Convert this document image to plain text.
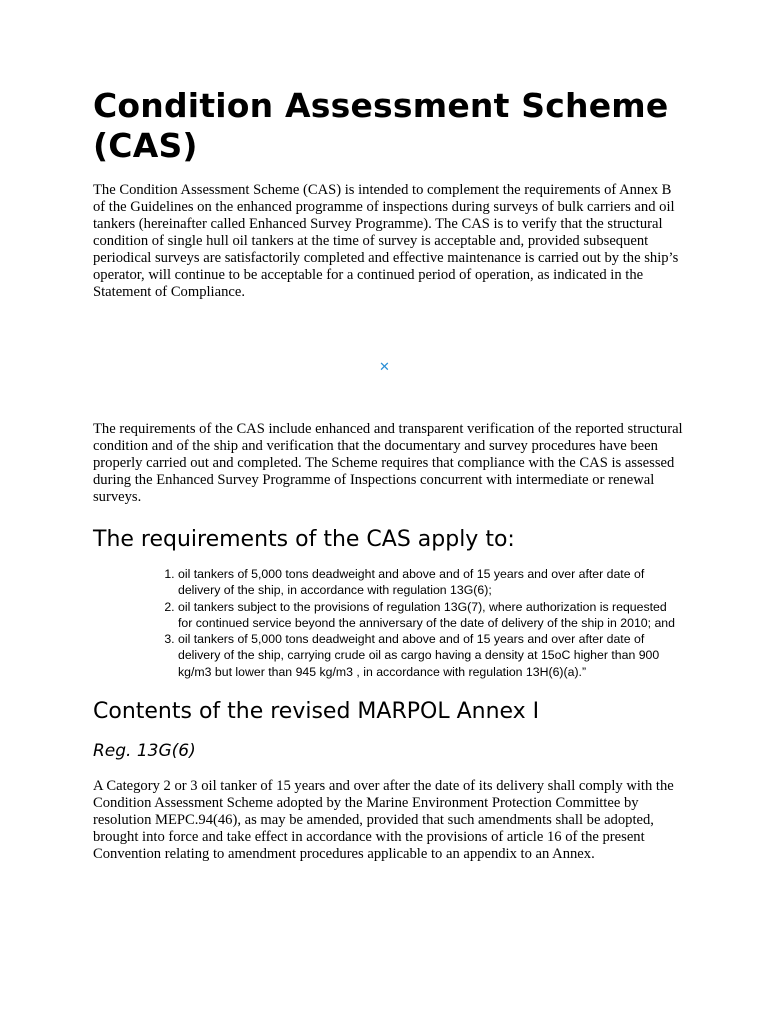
Condition Assessment Scheme (CAS)

The Condition Assessment Scheme (CAS) is intended to complement the requirements of Annex B of the Guidelines on the enhanced programme of inspections during surveys of bulk carriers and oil tankers (hereinafter called Enhanced Survey Programme). The CAS is to verify that the structural condition of single hull oil tankers at the time of survey is acceptable and, provided subsequent periodical surveys are satisfactorily completed and effective maintenance is carried out by the ship’s operator, will continue to be acceptable for a continued period of operation, as indicated in the Statement of Compliance.

✕

The requirements of the CAS include enhanced and transparent verification of the reported structural condition and of the ship and verification that the documentary and survey procedures have been properly carried out and completed. The Scheme requires that compliance with the CAS is assessed during the Enhanced Survey Programme of Inspections concurrent with intermediate or renewal surveys.

The requirements of the CAS apply to:
1. oil tankers of 5,000 tons deadweight and above and of 15 years and over after date of delivery of the ship, in accordance with regulation 13G(6);
2. oil tankers subject to the provisions of regulation 13G(7), where authorization is requested for continued service beyond the anniversary of the date of delivery of the ship in 2010; and
3. oil tankers of 5,000 tons deadweight and above and of 15 years and over after date of delivery of the ship, carrying crude oil as cargo having a density at 15oC higher than 900 kg/m3 but lower than 945 kg/m3 , in accordance with regulation 13H(6)(a).”
Contents of the revised MARPOL Annex I
Reg. 13G(6)

A Category 2 or 3 oil tanker of 15 years and over after the date of its delivery shall comply with the Condition Assessment Scheme adopted by the Marine Environment Protection Committee by resolution MEPC.94(46), as may be amended, provided that such amendments shall be adopted, brought into force and take effect in accordance with the provisions of article 16 of the present Convention relating to amendment procedures applicable to an appendix to an Annex.
